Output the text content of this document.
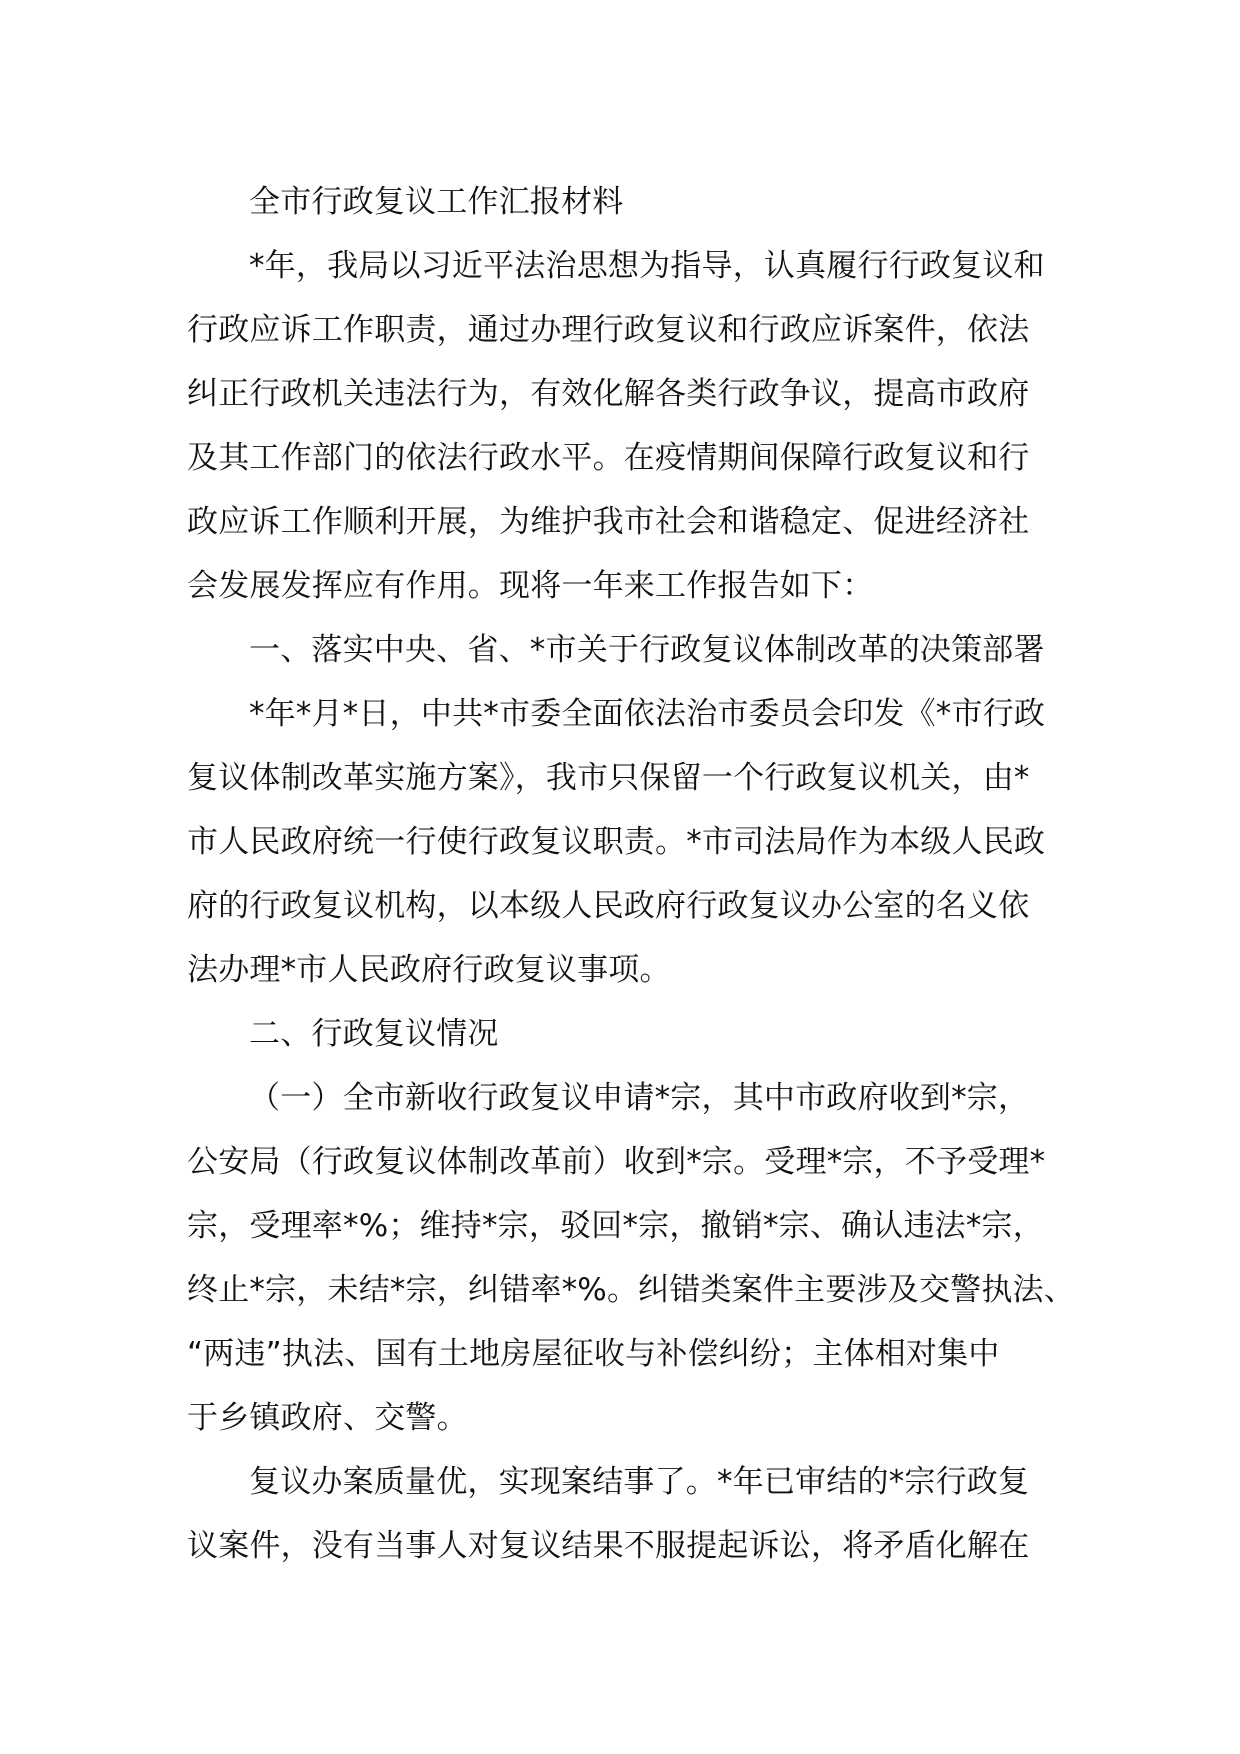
全市行政复议工作汇报材料
*年，我局以习近平法治思想为指导，认真履行行政复议和
行政应诉工作职责，通过办理行政复议和行政应诉案件，依法
纠正行政机关违法行为，有效化解各类行政争议，提高市政府
及其工作部门的依法行政水平。在疫情期间保障行政复议和行
政应诉工作顺利开展，为维护我市社会和谐稳定、促进经济社
会发展发挥应有作用。现将一年来工作报告如下：
一、落实中央、省、*市关于行政复议体制改革的决策部署
*年*月*日，中共*市委全面依法治市委员会印发《*市行政
复议体制改革实施方案》，我市只保留一个行政复议机关，由*
市人民政府统一行使行政复议职责。*市司法局作为本级人民政
府的行政复议机构，以本级人民政府行政复议办公室的名义依
法办理*市人民政府行政复议事项。
二、行政复议情况
（一）全市新收行政复议申请*宗，其中市政府收到*宗，
公安局（行政复议体制改革前）收到*宗。受理*宗，不予受理*
宗，受理率*%；维持*宗，驳回*宗，撤销*宗、确认违法*宗，
终止*宗，未结*宗，纠错率*%。纠错类案件主要涉及交警执法、
“两违”执法、国有土地房屋征收与补偿纠纷；主体相对集中
于乡镇政府、交警。
复议办案质量优，实现案结事了。*年已审结的*宗行政复
议案件，没有当事人对复议结果不服提起诉讼，将矛盾化解在
